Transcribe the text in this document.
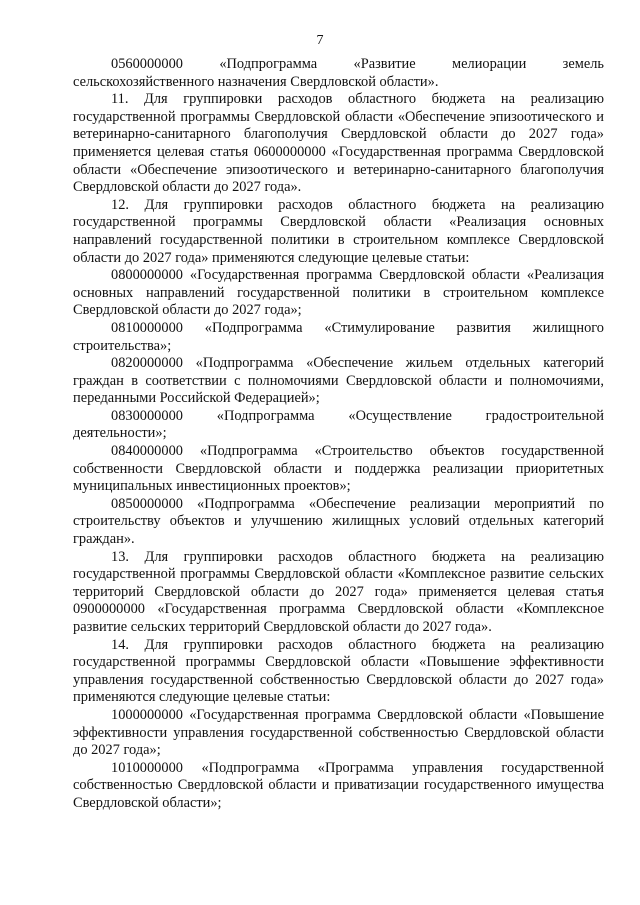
7

0560000000 «Подпрограмма «Развитие мелиорации земель сельскохозяйственного назначения Свердловской области».

11. Для группировки расходов областного бюджета на реализацию государственной программы Свердловской области «Обеспечение эпизоотического и ветеринарно-санитарного благополучия Свердловской области до 2027 года» применяется целевая статья 0600000000 «Государственная программа Свердловской области «Обеспечение эпизоотического и ветеринарно-санитарного благополучия Свердловской области до 2027 года».

12. Для группировки расходов областного бюджета на реализацию государственной программы Свердловской области «Реализация основных направлений государственной политики в строительном комплексе Свердловской области до 2027 года» применяются следующие целевые статьи:

0800000000 «Государственная программа Свердловской области «Реализация основных направлений государственной политики в строительном комплексе Свердловской области до 2027 года»;

0810000000 «Подпрограмма «Стимулирование развития жилищного строительства»;

0820000000 «Подпрограмма «Обеспечение жильем отдельных категорий граждан в соответствии с полномочиями Свердловской области и полномочиями, переданными Российской Федерацией»;

0830000000 «Подпрограмма «Осуществление градостроительной деятельности»;

0840000000 «Подпрограмма «Строительство объектов государственной собственности Свердловской области и поддержка реализации приоритетных муниципальных инвестиционных проектов»;

0850000000 «Подпрограмма «Обеспечение реализации мероприятий по строительству объектов и улучшению жилищных условий отдельных категорий граждан».

13. Для группировки расходов областного бюджета на реализацию государственной программы Свердловской области «Комплексное развитие сельских территорий Свердловской области до 2027 года» применяется целевая статья 0900000000 «Государственная программа Свердловской области «Комплексное развитие сельских территорий Свердловской области до 2027 года».

14. Для группировки расходов областного бюджета на реализацию государственной программы Свердловской области «Повышение эффективности управления государственной собственностью Свердловской области до 2027 года» применяются следующие целевые статьи:

1000000000 «Государственная программа Свердловской области «Повышение эффективности управления государственной собственностью Свердловской области до 2027 года»;

1010000000 «Подпрограмма «Программа управления государственной собственностью Свердловской области и приватизации государственного имущества Свердловской области»;
